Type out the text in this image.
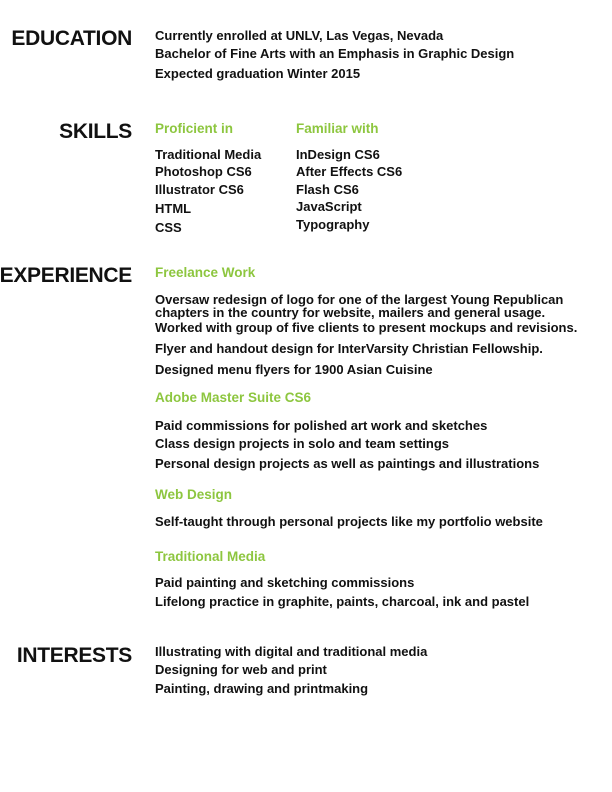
EDUCATION Currently enrolled at UNLV, Las Vegas, Nevada

Bachelor of Fine Arts with an Emphasis in Graphic Design

Expected graduation Winter 2015

SKILLS Proficient in

Traditional Media

Photoshop CS6

Illustrator CS6

HTML

CSS

Familiar with

InDesign CS6

After Effects CS6

Flash CS6

JavaScript

Typography

EXPERIENCE Freelance Work

Oversaw redesign of logo for one of the largest Young Republican chapters in the country for website, mailers and general usage.

Worked with group of five clients to present mockups and revisions.

Flyer and handout design for InterVarsity Christian Fellowship.

Designed menu flyers for 1900 Asian Cuisine

Adobe Master Suite CS6

Paid commissions for polished art work and sketches

Class design projects in solo and team settings

Personal design projects as well as paintings and illustrations

Web Design

Self-taught through personal projects like my portfolio website

Traditional Media

Paid painting and sketching commissions

Lifelong practice in graphite, paints, charcoal, ink and pastel

INTERESTS Illustrating with digital and traditional media

Designing for web and print

Painting, drawing and printmaking
